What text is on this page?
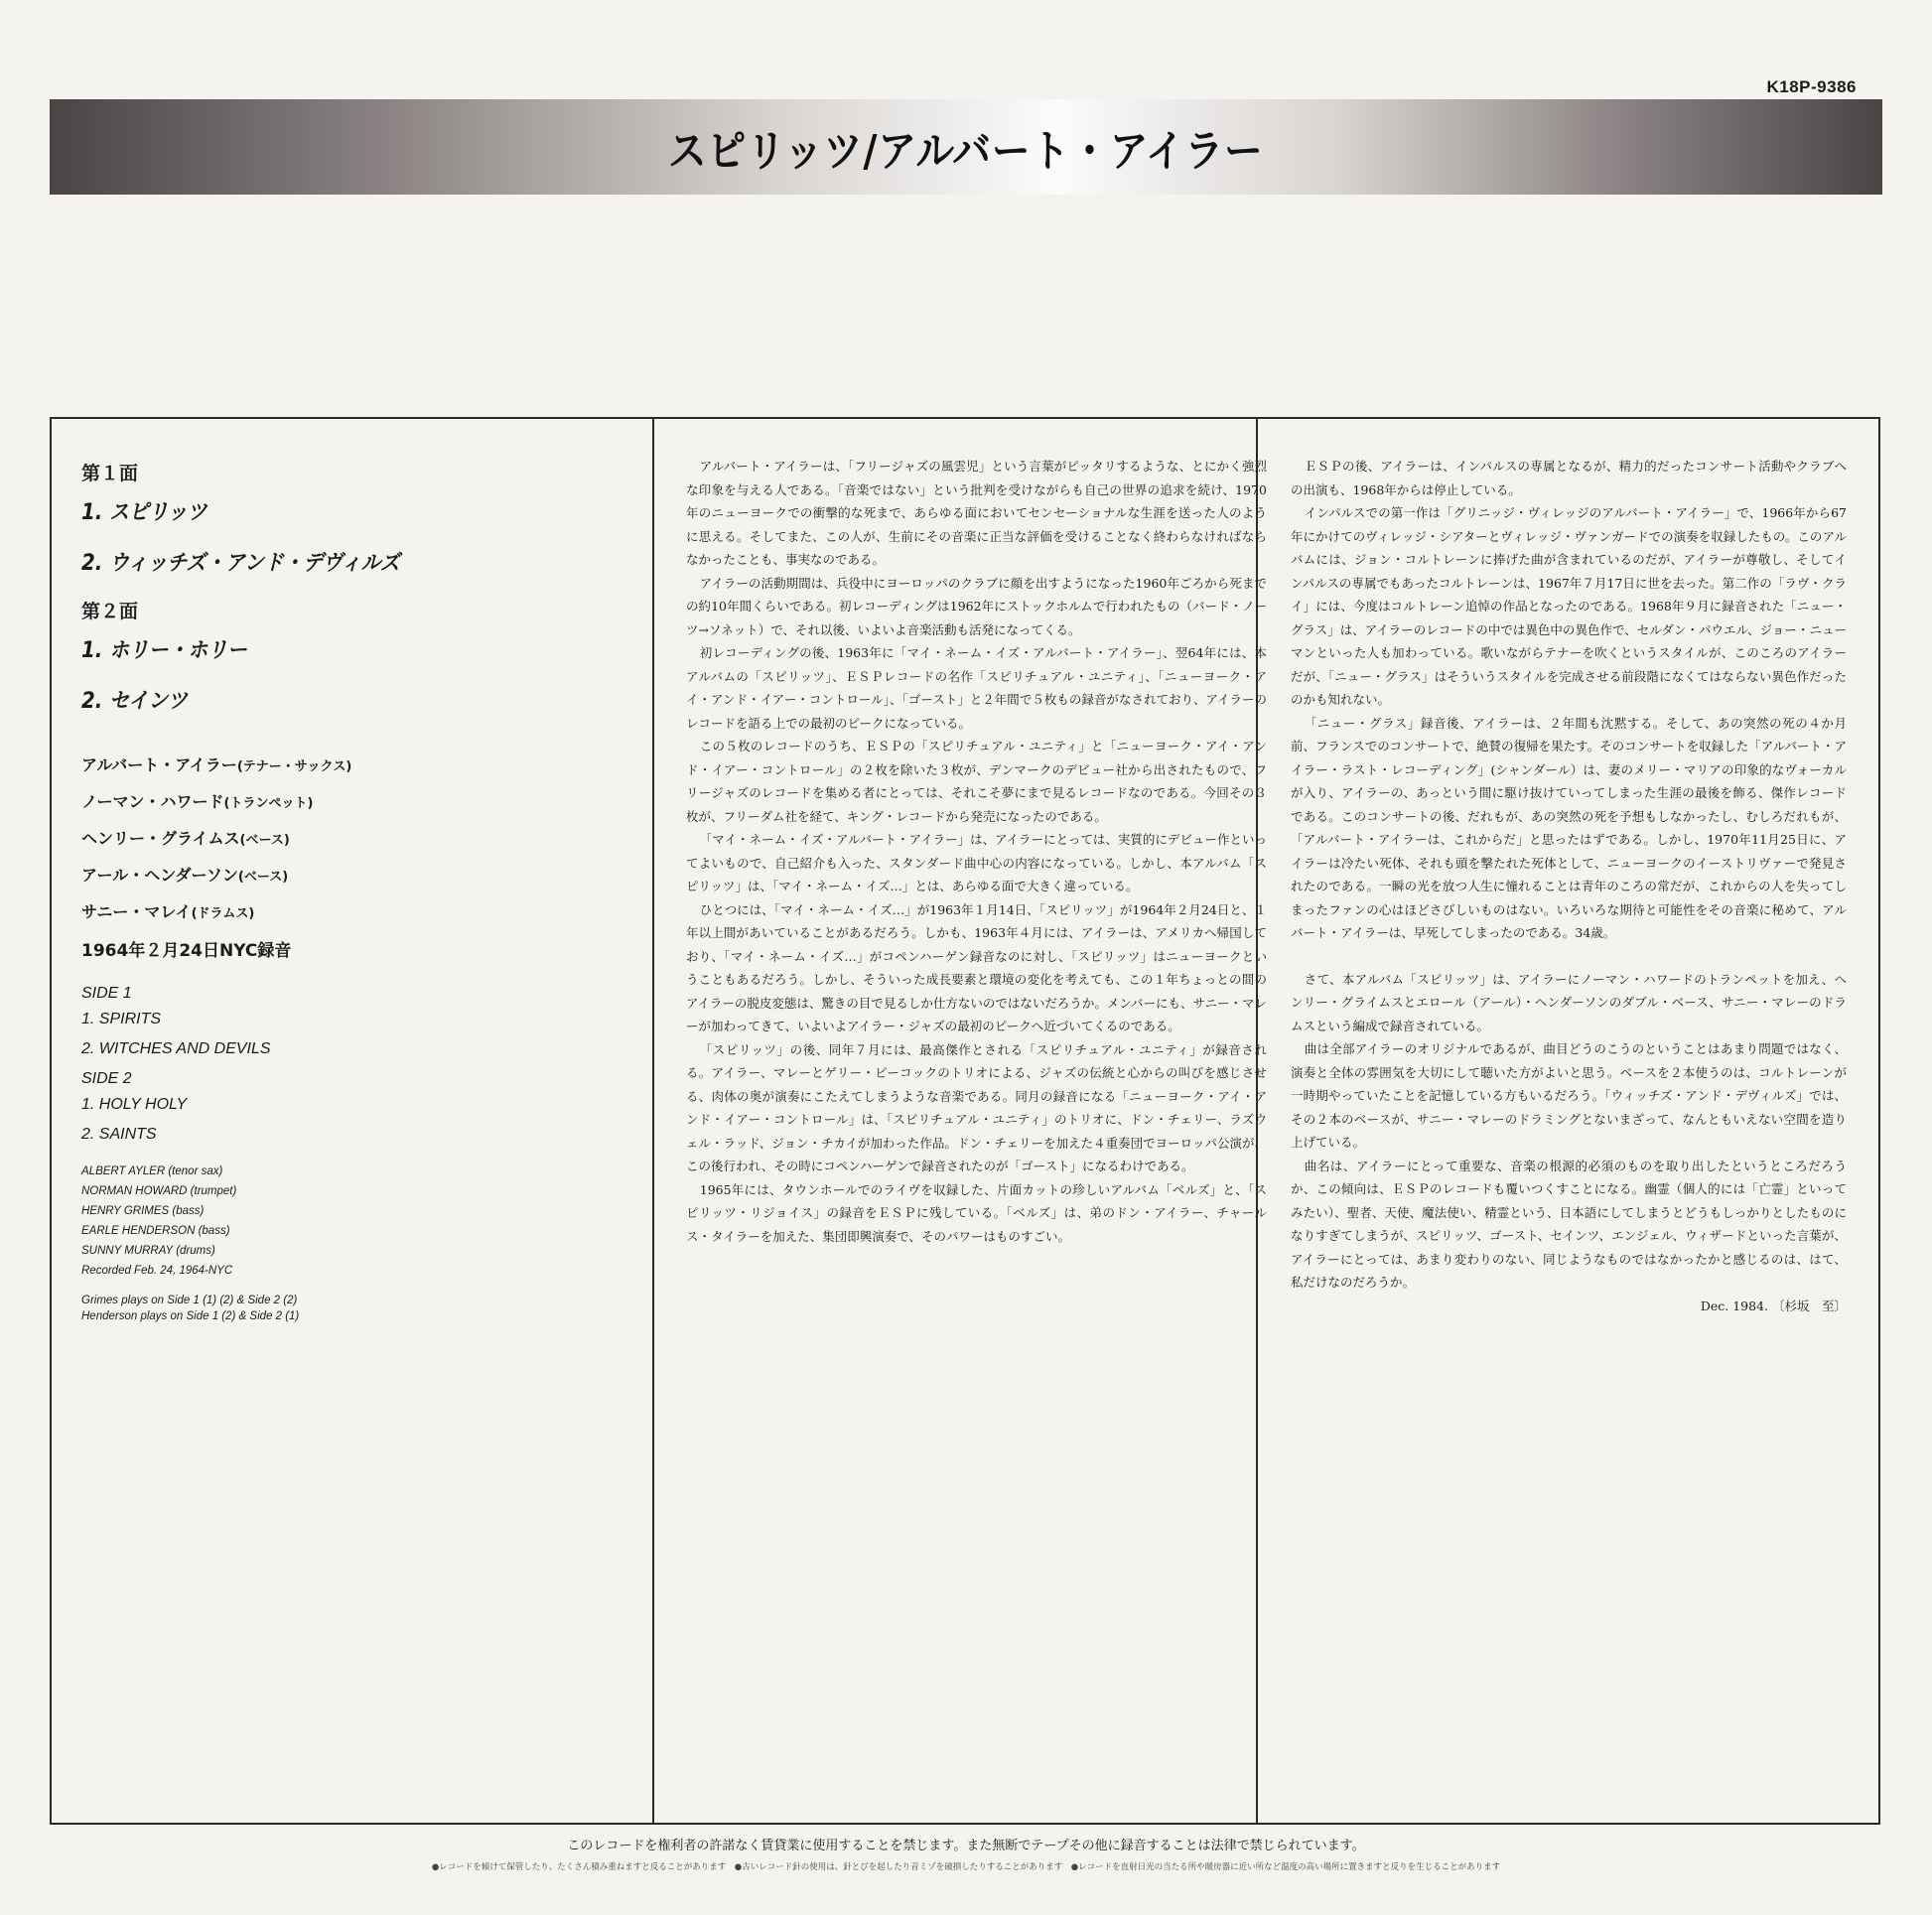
K18P-9386
スピリッツ/アルバート・アイラー
第１面
1. スピリッツ
2. ウィッチズ・アンド・デヴィルズ
第２面
1. ホリー・ホリー
2. セインツ
アルバート・アイラー(テナー・サックス)
ノーマン・ハワード(トランペット)
ヘンリー・グライムス(ベース)
アール・ヘンダーソン(ベース)
サニー・マレイ(ドラムス)
1964年２月24日NYC録音
SIDE 1
1. SPIRITS
2. WITCHES AND DEVILS
SIDE 2
1. HOLY HOLY
2. SAINTS
ALBERT AYLER (tenor sax)
NORMAN HOWARD (trumpet)
HENRY GRIMES (bass)
EARLE HENDERSON (bass)
SUNNY MURRAY (drums)
Recorded Feb. 24, 1964-NYC
Grimes plays on Side 1 (1) (2) & Side 2 (2)
Henderson plays on Side 1 (2) & Side 2 (1)

アルバート・アイラーは、「フリージャズの風雲児」という言葉がピッタリするような、とにかく強烈な印象を与える人である。「音楽ではない」という批判を受けながらも自己の世界の追求を続け、1970年のニューヨークでの衝撃的な死まで、あらゆる面においてセンセーショナルな生涯を送った人のように思える。そしてまた、この人が、生前にその音楽に正当な評価を受けることなく終わらなければならなかったことも、事実なのである。

アイラーの活動期間は、兵役中にヨーロッパのクラブに顔を出すようになった1960年ごろから死までの約10年間くらいである。初レコーディングは1962年にストックホルムで行われたもの（バード・ノーツ→ソネット）で、それ以後、いよいよ音楽活動も活発になってくる。

初レコーディングの後、1963年に「マイ・ネーム・イズ・アルバート・アイラー」、翌64年には、本アルバムの「スピリッツ」、ＥＳＰレコードの名作「スピリチュアル・ユニティ」、「ニューヨーク・アイ・アンド・イアー・コントロール」、「ゴースト」と２年間で５枚もの録音がなされており、アイラーのレコードを語る上での最初のピークになっている。

この５枚のレコードのうち、ＥＳＰの「スピリチュアル・ユニティ」と「ニューヨーク・アイ・アンド・イアー・コントロール」の２枚を除いた３枚が、デンマークのデビュー社から出されたもので、フリージャズのレコードを集める者にとっては、それこそ夢にまで見るレコードなのである。今回その３枚が、フリーダム社を経て、キング・レコードから発売になったのである。

「マイ・ネーム・イズ・アルバート・アイラー」は、アイラーにとっては、実質的にデビュー作といってよいもので、自己紹介も入った、スタンダード曲中心の内容になっている。しかし、本アルバム「スピリッツ」は、「マイ・ネーム・イズ…」とは、あらゆる面で大きく違っている。

ひとつには、「マイ・ネーム・イズ…」が1963年１月14日、「スピリッツ」が1964年２月24日と、１年以上間があいていることがあるだろう。しかも、1963年４月には、アイラーは、アメリカへ帰国しており、「マイ・ネーム・イズ…」がコペンハーゲン録音なのに対し、「スピリッツ」はニューヨークということもあるだろう。しかし、そういった成長要素と環境の変化を考えても、この１年ちょっとの間のアイラーの脱皮変態は、驚きの目で見るしか仕方ないのではないだろうか。メンバーにも、サニー・マレーが加わってきて、いよいよアイラー・ジャズの最初のピークへ近づいてくるのである。

「スピリッツ」の後、同年７月には、最高傑作とされる「スピリチュアル・ユニティ」が録音される。アイラー、マレーとゲリー・ピーコックのトリオによる、ジャズの伝統と心からの叫びを感じさせる、肉体の奥が演奏にこたえてしまうような音楽である。同月の録音になる「ニューヨーク・アイ・アンド・イアー・コントロール」は、「スピリチュアル・ユニティ」のトリオに、ドン・チェリー、ラズウェル・ラッド、ジョン・チカイが加わった作品。ドン・チェリーを加えた４重奏団でヨーロッパ公演が、この後行われ、その時にコペンハーゲンで録音されたのが「ゴースト」になるわけである。

1965年には、タウンホールでのライヴを収録した、片面カットの珍しいアルバム「ベルズ」と、「スピリッツ・リジョイス」の録音をＥＳＰに残している。「ベルズ」は、弟のドン・アイラー、チャールス・タイラーを加えた、集団即興演奏で、そのパワーはものすごい。

ＥＳＰの後、アイラーは、インパルスの専属となるが、精力的だったコンサート活動やクラブへの出演も、1968年からは停止している。

インパルスでの第一作は「グリニッジ・ヴィレッジのアルバート・アイラー」で、1966年から67年にかけてのヴィレッジ・シアターとヴィレッジ・ヴァンガードでの演奏を収録したもの。このアルバムには、ジョン・コルトレーンに捧げた曲が含まれているのだが、アイラーが尊敬し、そしてインパルスの専属でもあったコルトレーンは、1967年７月17日に世を去った。第二作の「ラヴ・クライ」には、今度はコルトレーン追悼の作品となったのである。1968年９月に録音された「ニュー・グラス」は、アイラーのレコードの中では異色中の異色作で、セルダン・パウエル、ジョー・ニューマンといった人も加わっている。歌いながらテナーを吹くというスタイルが、このころのアイラーだが、「ニュー・グラス」はそういうスタイルを完成させる前段階になくてはならない異色作だったのかも知れない。

「ニュー・グラス」録音後、アイラーは、２年間も沈黙する。そして、あの突然の死の４か月前、フランスでのコンサートで、絶賛の復帰を果たす。そのコンサートを収録した「アルバート・アイラー・ラスト・レコーディング」(シャンダール）は、妻のメリー・マリアの印象的なヴォーカルが入り、アイラーの、あっという間に駆け抜けていってしまった生涯の最後を飾る、傑作レコードである。このコンサートの後、だれもが、あの突然の死を予想もしなかったし、むしろだれもが、「アルバート・アイラーは、これからだ」と思ったはずである。しかし、1970年11月25日に、アイラーは冷たい死体、それも頭を撃たれた死体として、ニューヨークのイーストリヴァーで発見されたのである。一瞬の光を放つ人生に憧れることは青年のころの常だが、これからの人を失ってしまったファンの心はほどさびしいものはない。いろいろな期待と可能性をその音楽に秘めて、アルバート・アイラーは、早死してしまったのである。34歳。

さて、本アルバム「スピリッツ」は、アイラーにノーマン・ハワードのトランペットを加え、ヘンリー・グライムスとエロール（アール）・ヘンダーソンのダブル・ベース、サニー・マレーのドラムスという編成で録音されている。

曲は全部アイラーのオリジナルであるが、曲目どうのこうのということはあまり問題ではなく、演奏と全体の雰囲気を大切にして聴いた方がよいと思う。ベースを２本使うのは、コルトレーンが一時期やっていたことを記憶している方もいるだろう。「ウィッチズ・アンド・デヴィルズ」では、その２本のベースが、サニー・マレーのドラミングとないまざって、なんともいえない空間を造り上げている。

曲名は、アイラーにとって重要な、音楽の根源的必須のものを取り出したというところだろうか、この傾向は、ＥＳＰのレコードも覆いつくすことになる。幽霊（個人的には「亡霊」といってみたい）、聖者、天使、魔法使い、精霊という、日本語にしてしまうとどうもしっかりとしたものになりすぎてしまうが、スピリッツ、ゴースト、セインツ、エンジェル、ウィザードといった言葉が、アイラーにとっては、あまり変わりのない、同じようなものではなかったかと感じるのは、はて、私だけなのだろうか。

Dec. 1984. 〔杉坂　至〕

このレコードを権利者の許諾なく賃貸業に使用することを禁じます。また無断でテープその他に録音することは法律で禁じられています。
●レコードを傾けて保管したり、たくさん積み重ねますと反ることがあります　●古いレコード針の使用は、針とびを起したり音ミゾを破損したりすることがあります　●レコードを直射日光の当たる所や暖房器に近い所など温度の高い場所に置きますと反りを生じることがあります
